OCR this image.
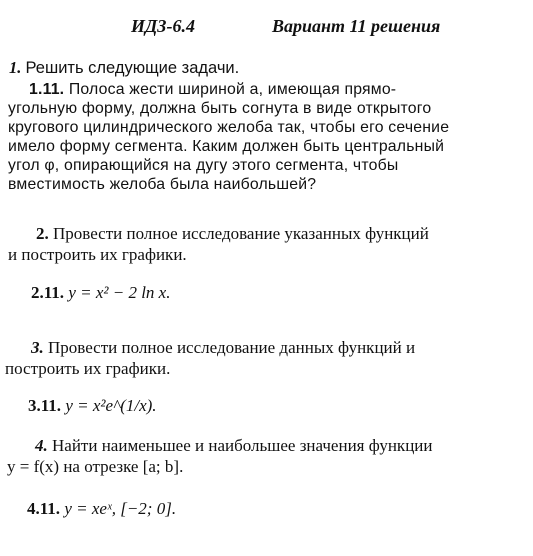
ИДЗ-6.4	Вариант 11 решения
1. Решить следующие задачи.
1.11. Полоса жести шириной a, имеющая прямо-
угольную форму, должна быть согнута в виде открытого
кругового цилиндрического желоба так, чтобы его сечение
имело форму сегмента. Каким должен быть центральный
угол φ, опирающийся на дугу этого сегмента, чтобы
вместимость желоба была наибольшей?
2. Провести полное исследование указанных функций
и построить их графики.
2.11. y = x² − 2 ln x.
3. Провести полное исследование данных функций и
построить их графики.
3.11. y = x²e^(1/x).
4. Найти наименьшее и наибольшее значения функции
y = f(x) на отрезке [a; b].
4.11. y = xeˣ, [−2; 0].
